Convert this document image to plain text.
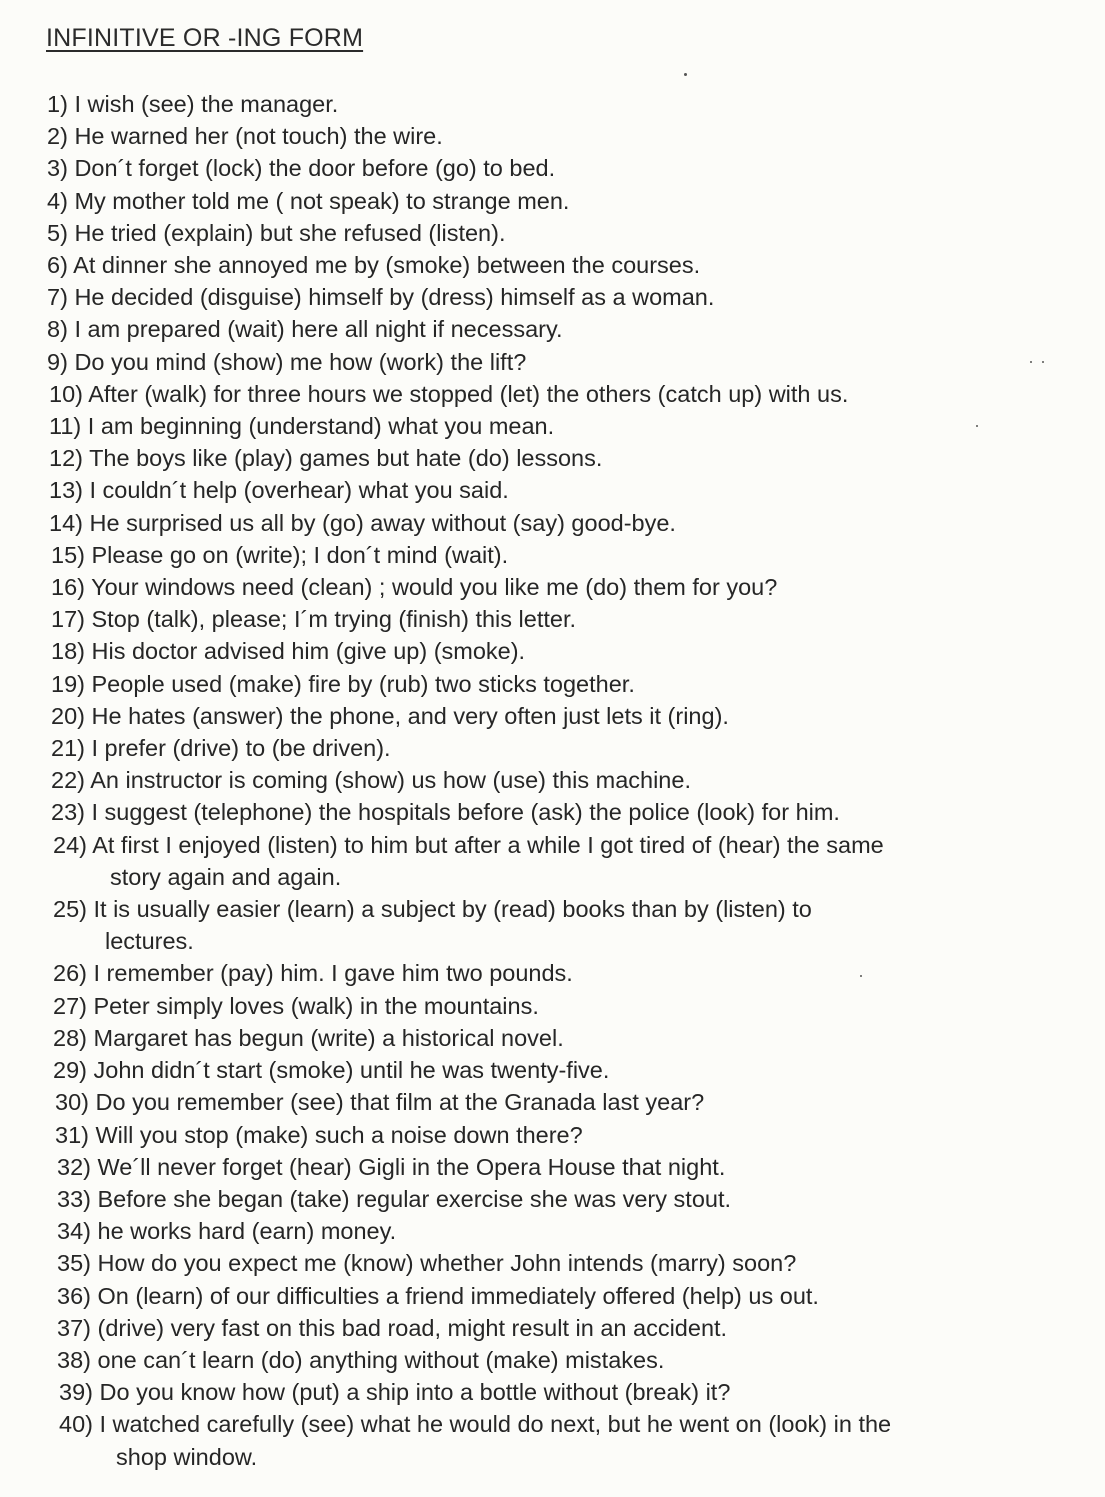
INFINITIVE OR -ING FORM
1) I wish (see) the manager.
2) He warned her (not touch) the wire.
3) Don´t forget (lock) the door before (go) to bed.
4) My mother told me ( not speak) to strange men.
5) He tried (explain) but she refused (listen).
6) At dinner she annoyed me by (smoke) between the courses.
7) He decided (disguise) himself by (dress) himself as a woman.
8) I am prepared (wait) here all night if necessary.
9) Do you mind (show) me how (work) the lift?
10) After (walk) for three hours we stopped (let) the others (catch up) with us.
11) I am beginning (understand) what you mean.
12) The boys like (play) games but hate (do) lessons.
13) I couldn´t help (overhear) what you said.
14) He surprised us all by (go) away without (say) good-bye.
15) Please go on (write); I don´t mind (wait).
16) Your windows need (clean) ; would you like me (do) them for you?
17) Stop (talk), please; I´m trying (finish) this letter.
18) His doctor advised him (give up) (smoke).
19) People used (make) fire by (rub) two sticks together.
20) He hates (answer) the phone, and very often just lets it (ring).
21) I prefer (drive) to (be driven).
22) An instructor is coming (show) us how (use) this machine.
23) I suggest (telephone) the hospitals before (ask) the police (look) for him.
24) At first I enjoyed (listen) to him but after a while I got tired of (hear) the same
story again and again.
25) It is usually easier (learn) a subject by (read) books than by (listen) to
lectures.
26) I remember (pay) him. I gave him two pounds.
27) Peter simply loves (walk) in the mountains.
28) Margaret has begun (write) a historical novel.
29) John didn´t start (smoke) until he was twenty-five.
30) Do you remember (see) that film at the Granada last year?
31) Will you stop (make) such a noise down there?
32) We´ll never forget (hear) Gigli in the Opera House that night.
33) Before she began (take) regular exercise she was very stout.
34) he works hard (earn) money.
35) How do you expect me (know) whether John intends (marry) soon?
36) On (learn) of our difficulties a friend immediately offered (help) us out.
37) (drive) very fast on this bad road, might result in an accident.
38) one can´t learn (do) anything without (make) mistakes.
39) Do you know how (put) a ship into a bottle without (break) it?
40) I watched carefully (see) what he would do next, but he went on (look) in the
shop window.
